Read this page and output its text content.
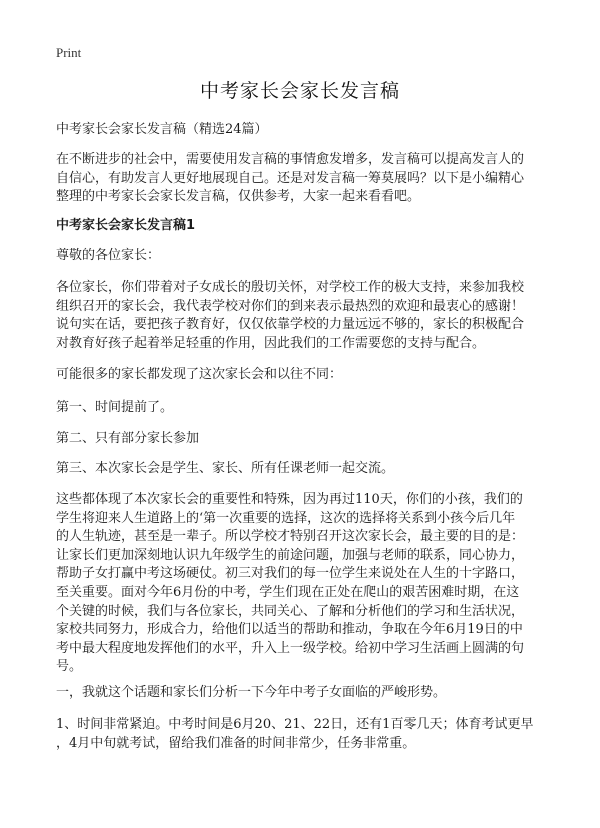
Print
中考家长会家长发言稿
中考家长会家长发言稿（精选24篇）
在不断进步的社会中，需要使用发言稿的事情愈发增多，发言稿可以提高发言人的
自信心，有助发言人更好地展现自己。还是对发言稿一筹莫展吗？以下是小编精心
整理的中考家长会家长发言稿，仅供参考，大家一起来看看吧。
中考家长会家长发言稿1
尊敬的各位家长：
各位家长，你们带着对子女成长的殷切关怀，对学校工作的极大支持，来参加我校
组织召开的家长会，我代表学校对你们的到来表示最热烈的欢迎和最衷心的感谢！
说句实在话，要把孩子教育好，仅仅依靠学校的力量远远不够的，家长的积极配合
对教育好孩子起着举足轻重的作用，因此我们的工作需要您的支持与配合。
可能很多的家长都发现了这次家长会和以往不同：
第一、时间提前了。
第二、只有部分家长参加
第三、本次家长会是学生、家长、所有任课老师一起交流。
这些都体现了本次家长会的重要性和特殊，因为再过110天，你们的小孩，我们的
学生将迎来人生道路上的‘第一次重要的选择，这次的选择将关系到小孩今后几年
的人生轨迹，甚至是一辈子。所以学校才特别召开这次家长会，最主要的目的是：
让家长们更加深刻地认识九年级学生的前途问题，加强与老师的联系，同心协力，
帮助子女打赢中考这场硬仗。初三对我们的每一位学生来说处在人生的十字路口，
至关重要。面对今年6月份的中考，学生们现在正处在爬山的艰苦困难时期，在这
个关键的时候，我们与各位家长，共同关心、了解和分析他们的学习和生活状况，
家校共同努力，形成合力，给他们以适当的帮助和推动，争取在今年6月19日的中
考中最大程度地发挥他们的水平，升入上一级学校。给初中学习生活画上圆满的句
号。
一，我就这个话题和家长们分析一下今年中考子女面临的严峻形势。
1、时间非常紧迫。中考时间是6月20、21、22日，还有1百零几天；体育考试更早
，4月中旬就考试，留给我们准备的时间非常少，任务非常重。
